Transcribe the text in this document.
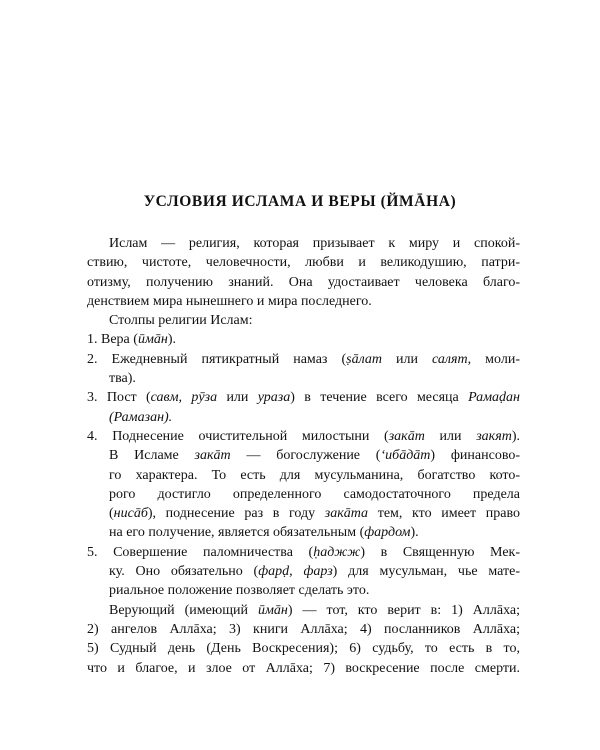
УСЛОВИЯ ИСЛАМА И ВЕРЫ (ЙМĀНА)
Ислам — религия, которая призывает к миру и спокой-
ствию, чистоте, человечности, любви и великодушию, патри-
отизму, получению знаний. Она удостаивает человека благо-
денствием мира нынешнего и мира последнего.
Столпы религии Ислам:
1. Вера (ūмāн).
2. Ежедневный пятикратный намаз (ṣāлат или салят, моли-
тва).
3. Пост (савм, рӯза или ураза) в течение всего месяца Рамаḍан
(Рамазан).
4. Поднесение очистительной милостыни (закāт или закят).
В Исламе закāт — богослужение (‘ибāдāт) финансово-
го характера. То есть для мусульманина, богатство кото-
рого достигло определенного самодостаточного предела
(нисāб), поднесение раз в году закāта тем, кто имеет право
на его получение, является обязательным (фардом).
5. Совершение паломничества (ḥаджж) в Священную Мек-
ку. Оно обязательно (фарḍ, фарз) для мусульман, чье мате-
риальное положение позволяет сделать это.
Верующий (имеющий ūмāн) — тот, кто верит в: 1) Аллāха;
2) ангелов Аллāха; 3) книги Аллāха; 4) посланников Аллāха;
5) Судный день (День Воскресения); 6) судьбу, то есть в то,
что и благое, и злое от Аллāха; 7) воскресение после смерти.
